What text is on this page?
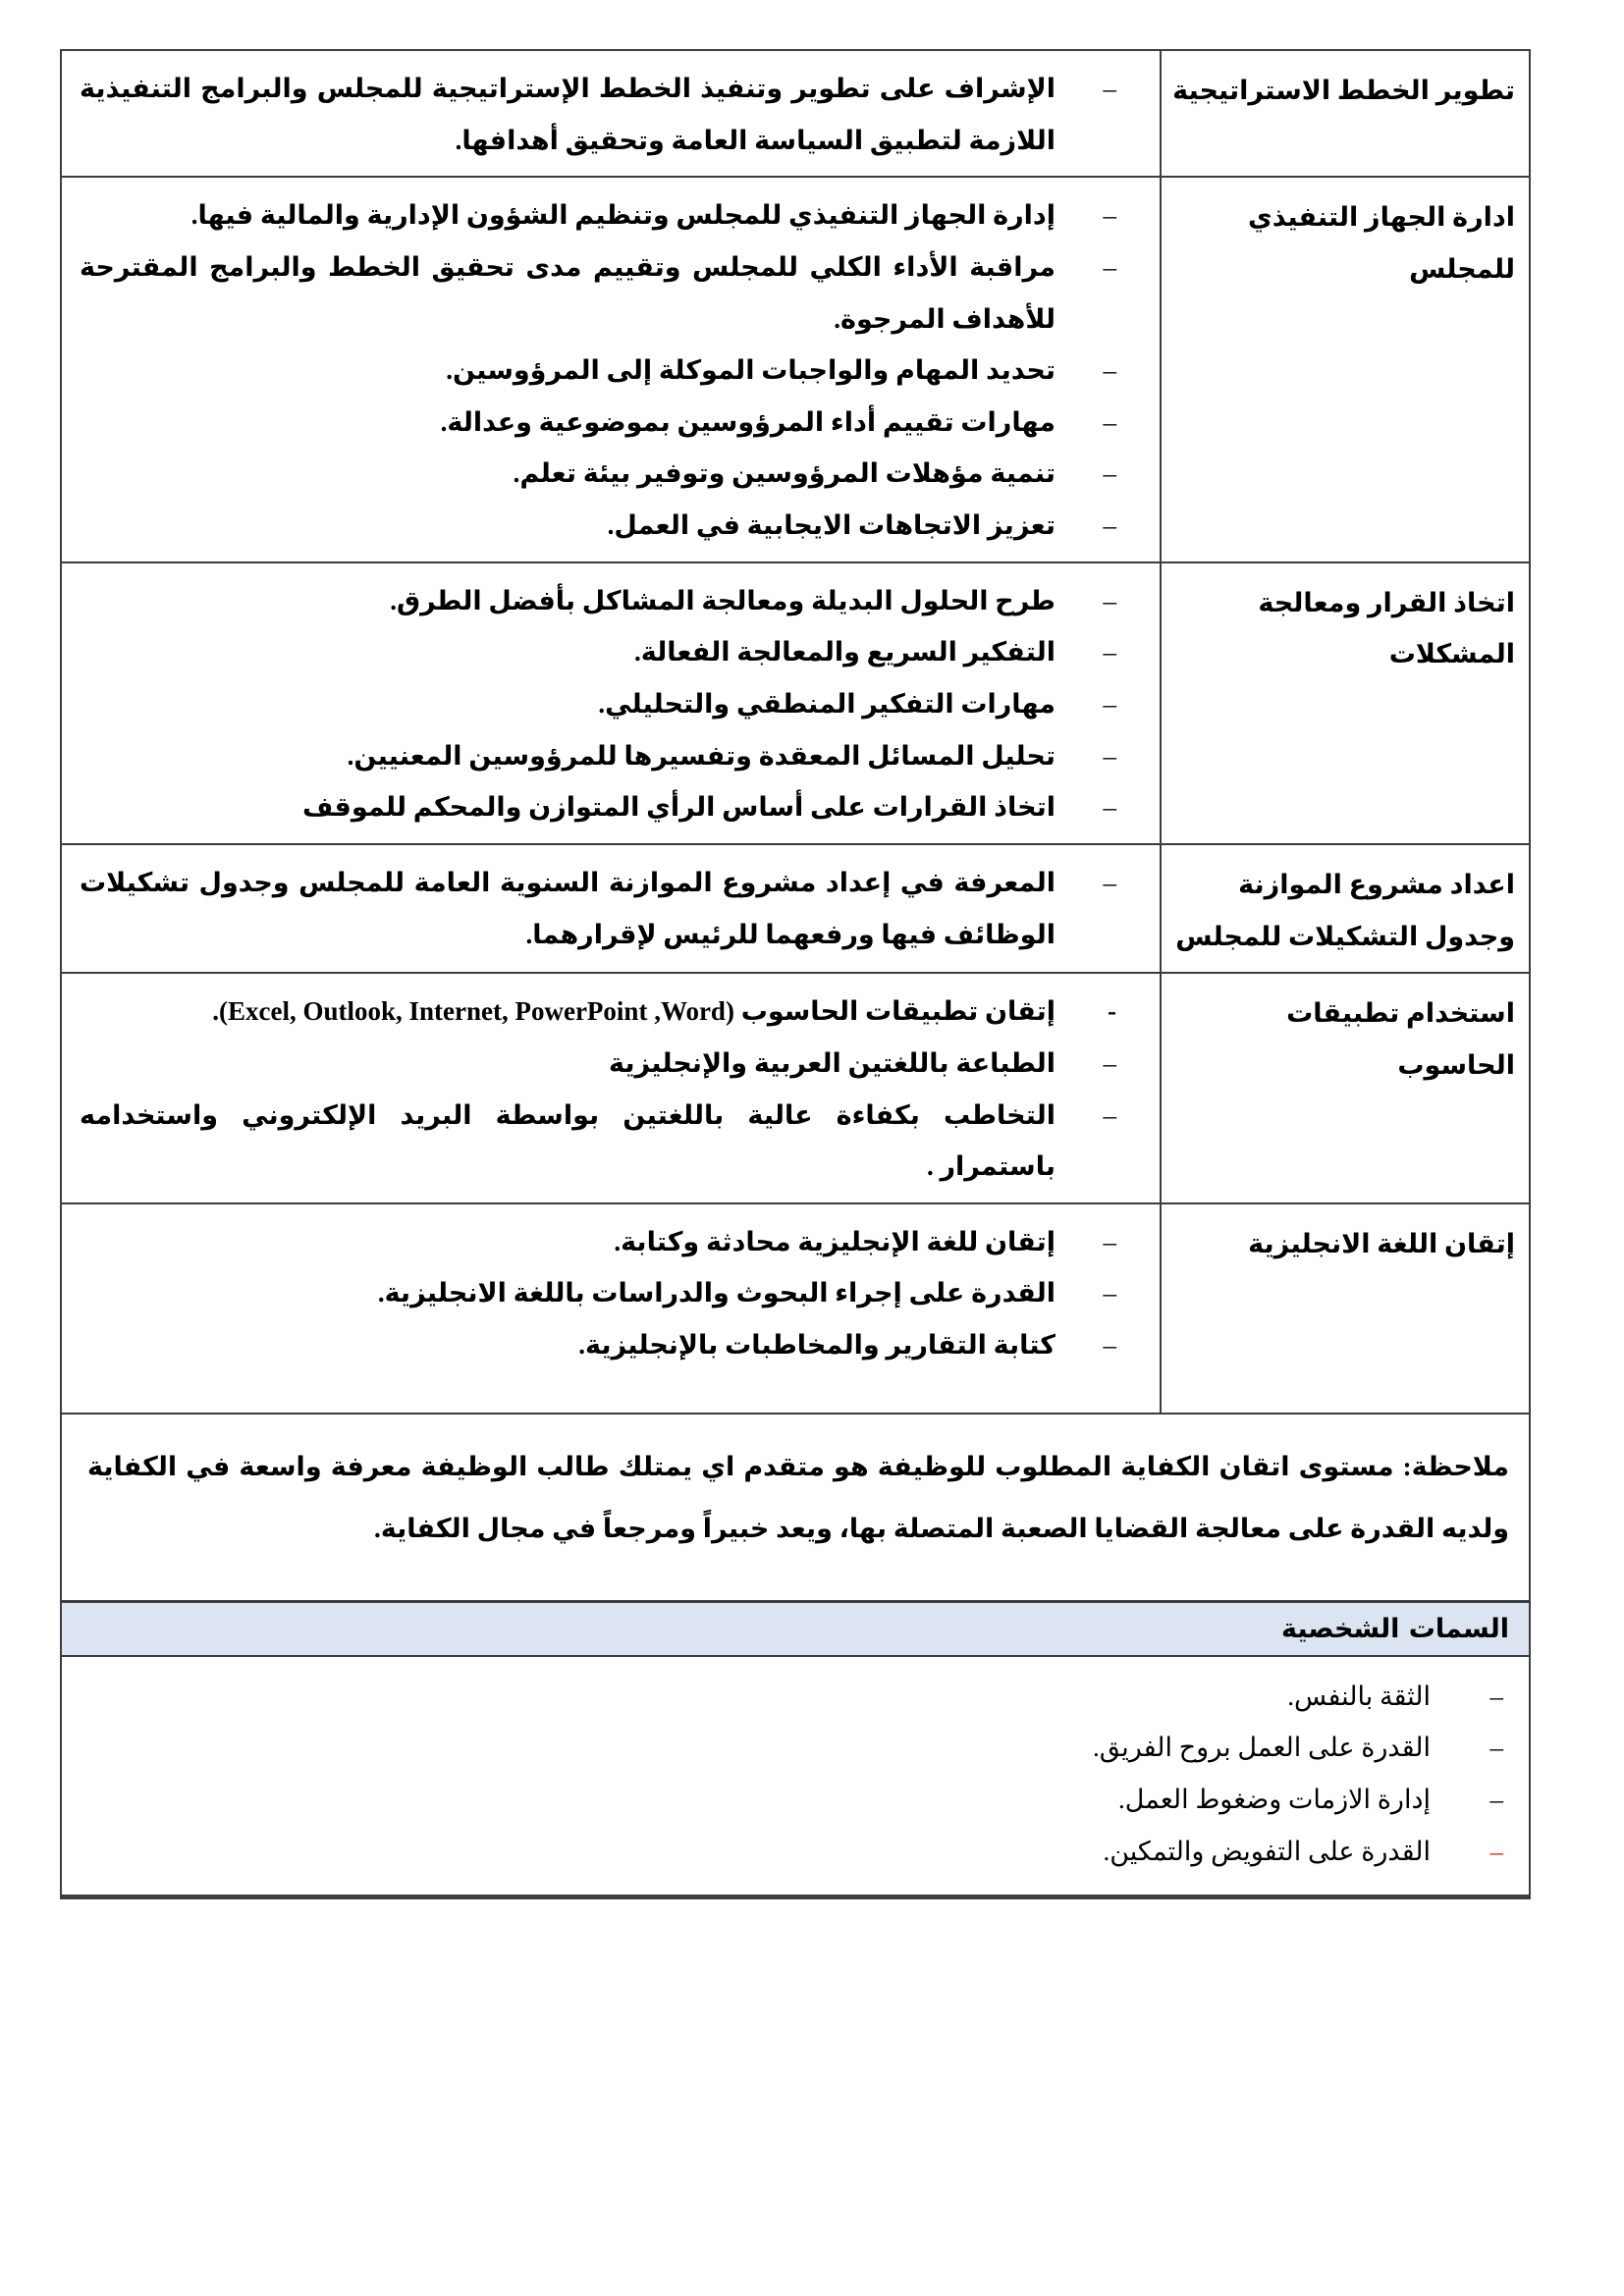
تطوير الخطط الاستراتيجية
–
الإشراف على تطوير وتنفيذ الخطط الإستراتيجية للمجلس والبرامج التنفيذية اللازمة لتطبيق السياسة العامة وتحقيق أهدافها.
ادارة الجهاز التنفيذي للمجلس
–
إدارة الجهاز التنفيذي للمجلس وتنظيم الشؤون الإدارية والمالية فيها.
–
مراقبة الأداء الكلي للمجلس وتقييم مدى تحقيق الخطط والبرامج المقترحة للأهداف المرجوة.
–
تحديد المهام والواجبات الموكلة إلى المرؤوسين.
–
مهارات تقييم أداء المرؤوسين بموضوعية وعدالة.
–
تنمية مؤهلات المرؤوسين وتوفير بيئة تعلم.
–
تعزيز الاتجاهات الايجابية في العمل.
اتخاذ القرار ومعالجة المشكلات
–
طرح الحلول البديلة ومعالجة المشاكل بأفضل الطرق.
–
التفكير السريع والمعالجة الفعالة.
–
مهارات التفكير المنطقي والتحليلي.
–
تحليل المسائل المعقدة وتفسيرها للمرؤوسين المعنيين.
–
اتخاذ القرارات على أساس الرأي المتوازن والمحكم للموقف
اعداد مشروع الموازنة وجدول التشكيلات للمجلس
–
المعرفة في إعداد مشروع الموازنة السنوية العامة للمجلس وجدول تشكيلات الوظائف فيها ورفعهما للرئيس لإقرارهما.
استخدام تطبيقات الحاسوب
-
إتقان تطبيقات الحاسوب (Excel, Outlook, Internet, PowerPoint ,Word).
–
الطباعة باللغتين العربية والإنجليزية
–
التخاطب بكفاءة عالية باللغتين بواسطة البريد الإلكتروني واستخدامه باستمرار .
إتقان اللغة الانجليزية
–
إتقان للغة الإنجليزية محادثة وكتابة.
–
القدرة على إجراء البحوث والدراسات باللغة الانجليزية.
–
كتابة التقارير والمخاطبات بالإنجليزية.

ملاحظة: مستوى اتقان الكفاية المطلوب للوظيفة هو متقدم اي يمتلك طالب الوظيفة معرفة واسعة في الكفاية ولديه القدرة على معالجة القضايا الصعبة المتصلة بها، ويعد خبيراً ومرجعاً في مجال الكفاية.

السمات الشخصية
–
الثقة بالنفس.
–
القدرة على العمل بروح الفريق.
–
إدارة الازمات وضغوط العمل.
–
القدرة على التفويض والتمكين.
